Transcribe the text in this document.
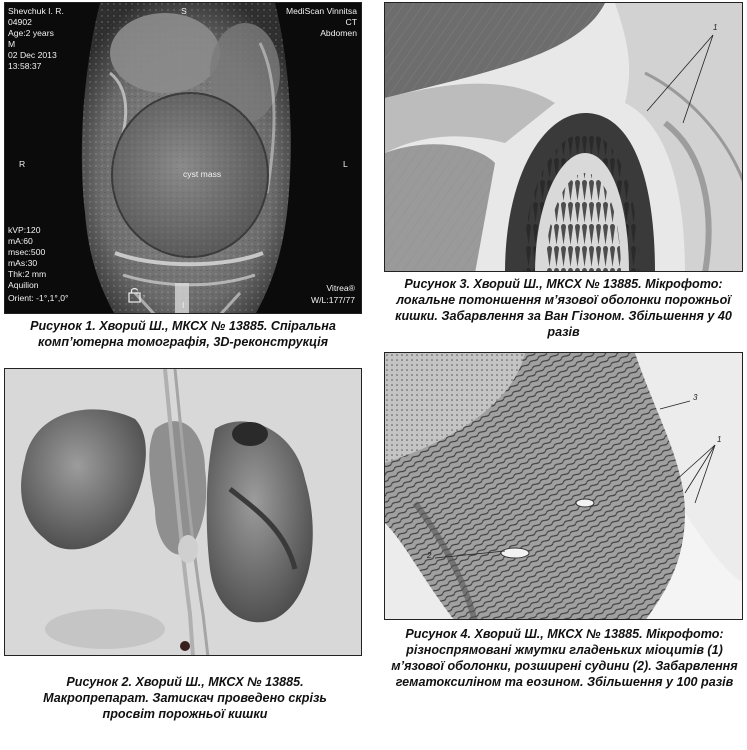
ʼ
Shevchuk I. R.
04902
Age:2 years
M
02 Dec 2013
13:58:37
S	MediScan Vinnitsa
CT
Abdomen
R	L
cyst mass
kVP:120
mA:60
msec:500
mAs:30
Thk:2 mm
Aquilion
Orient: -1°,1°,0°
I
Vitrea®
W/L:177/77
Рисунок 1. Хворий Ш., МКСХ № 13885. Спіральна комп’ютерна томографія, 3D-реконструкція
1
Рисунок 3. Хворий Ш., МКСХ № 13885. Мікрофото: локальне потоншення м’язової оболонки порожньої кишки. Забарвлення за Ван Гізоном. Збільшення у 40 разів
Рисунок 2. Хворий Ш., МКСХ № 13885. Макропрепарат. Затискач проведено скрізь просвіт порожньої кишки
1
2
3
Рисунок 4. Хворий Ш., МКСХ № 13885. Мікрофото: різноспрямовані жмутки гладеньких міоцитів (1) м’язової оболонки, розширені судини (2). Забарвлення гематоксиліном та еозином. Збільшення у 100 разів
